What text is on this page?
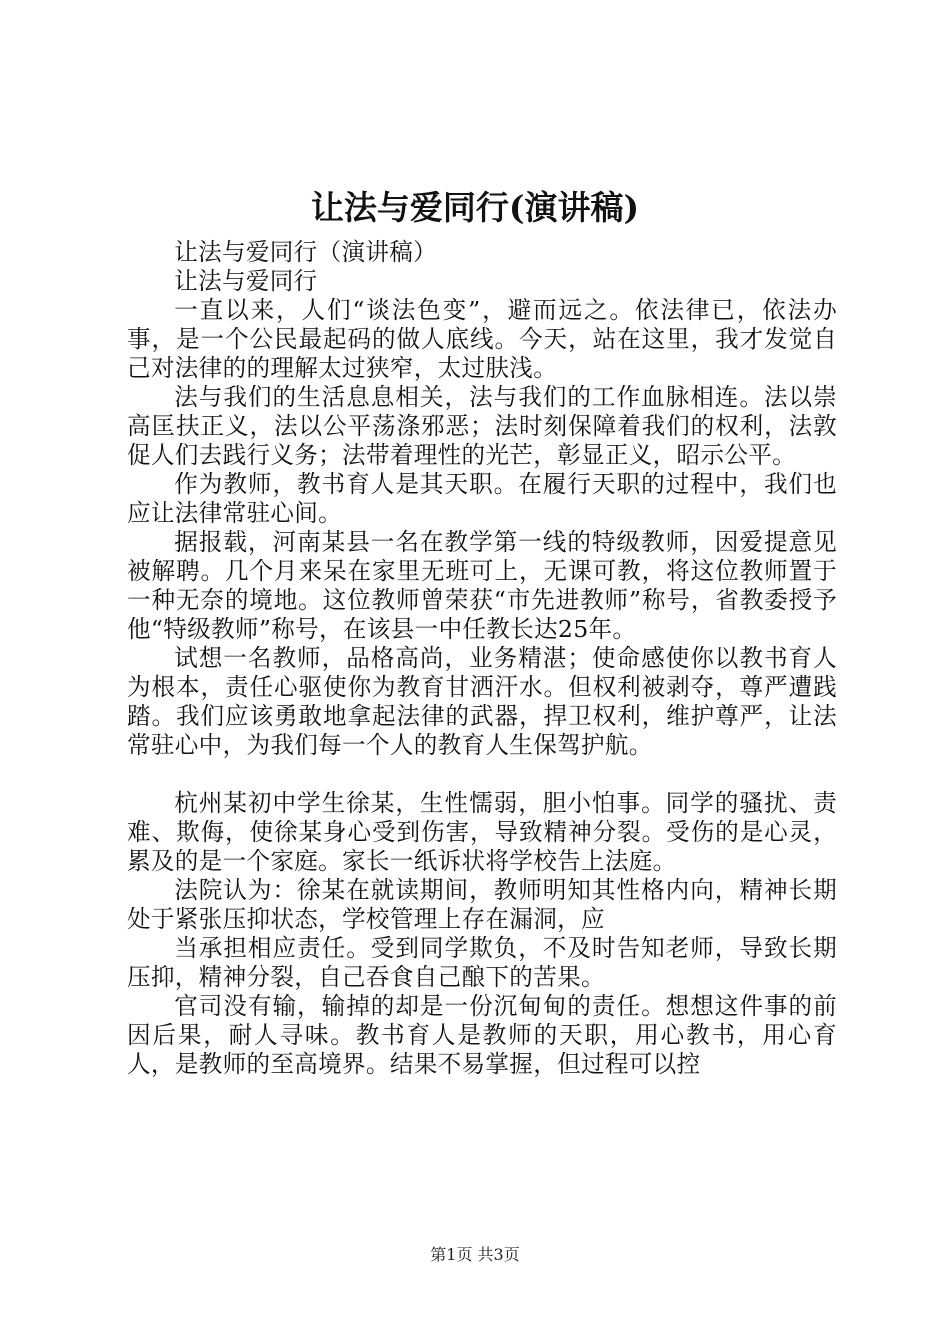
让法与爱同行(演讲稿)

让法与爱同行（演讲稿）

让法与爱同行

一直以来，人们“谈法色变”，避而远之。依法律已，依法办事，是一个公民最起码的做人底线。今天，站在这里，我才发觉自己对法律的的理解太过狭窄，太过肤浅。

法与我们的生活息息相关，法与我们的工作血脉相连。法以崇高匡扶正义，法以公平荡涤邪恶；法时刻保障着我们的权利，法敦促人们去践行义务；法带着理性的光芒，彰显正义，昭示公平。

作为教师，教书育人是其天职。在履行天职的过程中，我们也应让法律常驻心间。

据报载，河南某县一名在教学第一线的特级教师，因爱提意见被解聘。几个月来呆在家里无班可上，无课可教，将这位教师置于一种无奈的境地。这位教师曾荣获“市先进教师”称号，省教委授予他“特级教师”称号，在该县一中任教长达25年。

试想一名教师，品格高尚，业务精湛；使命感使你以教书育人为根本，责任心驱使你为教育甘洒汗水。但权利被剥夺，尊严遭践踏。我们应该勇敢地拿起法律的武器，捍卫权利，维护尊严，让法常驻心中，为我们每一个人的教育人生保驾护航。

杭州某初中学生徐某，生性懦弱，胆小怕事。同学的骚扰、责难、欺侮，使徐某身心受到伤害，导致精神分裂。受伤的是心灵，累及的是一个家庭。家长一纸诉状将学校告上法庭。

法院认为：徐某在就读期间，教师明知其性格内向，精神长期处于紧张压抑状态，学校管理上存在漏洞，应

当承担相应责任。受到同学欺负，不及时告知老师，导致长期压抑，精神分裂，自己吞食自己酿下的苦果。

官司没有输，输掉的却是一份沉甸甸的责任。想想这件事的前因后果，耐人寻味。教书育人是教师的天职，用心教书，用心育人，是教师的至高境界。结果不易掌握，但过程可以控

第1页 共3页
